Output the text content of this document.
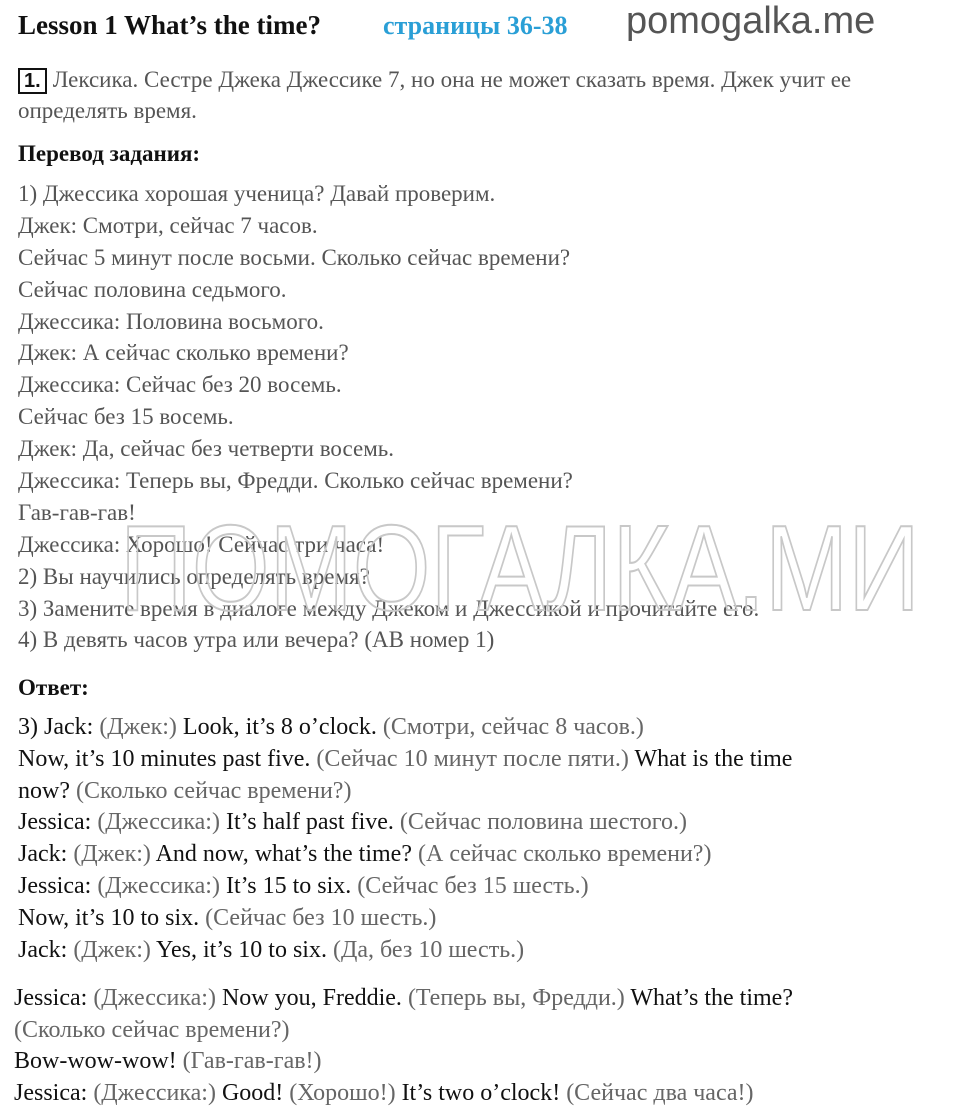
Lesson 1 What’s the time? страницы 36-38 pomogalka.me
1. Лексика. Сестре Джека Джессике 7, но она не может сказать время. Джек учит ее определять время.
Перевод задания:
1) Джессика хорошая ученица? Давай проверим.
Джек: Смотри, сейчас 7 часов.
Сейчас 5 минут после восьми. Сколько сейчас времени?
Сейчас половина седьмого.
Джессика: Половина восьмого.
Джек: А сейчас сколько времени?
Джессика: Сейчас без 20 восемь.
Сейчас без 15 восемь.
Джек: Да, сейчас без четверти восемь.
Джессика: Теперь вы, Фредди. Сколько сейчас времени?
Гав-гав-гав!
Джессика: Хорошо! Сейчас три часа!
2) Вы научились определять время?
3) Замените время в диалоге между Джеком и Джессикой и прочитайте его.
4) В девять часов утра или вечера? (АВ номер 1)
ПОМОГАЛКА.МИ
Ответ:
3) Jack: (Джек:) Look, it’s 8 o’clock. (Смотри, сейчас 8 часов.)
Now, it’s 10 minutes past five. (Сейчас 10 минут после пяти.) What is the time
now? (Сколько сейчас времени?)
Jessica: (Джессика:) It’s half past five. (Сейчас половина шестого.)
Jack: (Джек:) And now, what’s the time? (А сейчас сколько времени?)
Jessica: (Джессика:) It’s 15 to six. (Сейчас без 15 шесть.)
Now, it’s 10 to six. (Сейчас без 10 шесть.)
Jack: (Джек:) Yes, it’s 10 to six. (Да, без 10 шесть.)
Jessica: (Джессика:) Now you, Freddie. (Теперь вы, Фредди.) What’s the time?
(Сколько сейчас времени?)
Bow-wow-wow! (Гав-гав-гав!)
Jessica: (Джессика:) Good! (Хорошо!) It’s two o’clock! (Сейчас два часа!)
